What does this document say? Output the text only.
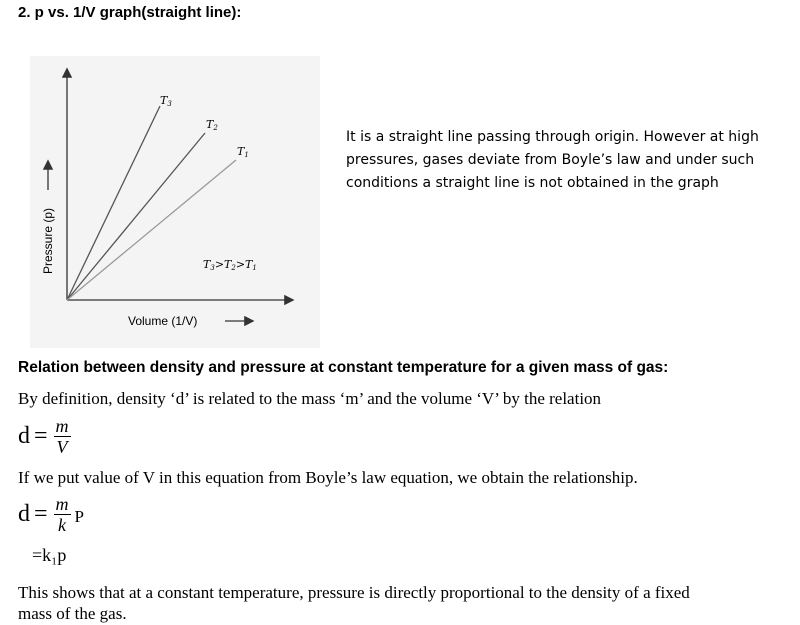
2. p vs. 1/V graph(straight line):
T3
T2
T1
T3>T2>T1
Pressure (p)
Volume (1/V)
It is a straight line passing through origin. However at high pressures, gases deviate from Boyle’s law and under such conditions a straight line is not obtained in the graph
Relation between density and pressure at constant temperature for a given mass of gas:
By definition, density ‘d’ is related to the mass ‘m’ and the volume ‘V’ by the relation
$d = \frac{m}{V}$
If we put value of V in this equation from Boyle’s law equation, we obtain the relationship.
$d = \frac{m}{k}$ P
=k₁p
This shows that at a constant temperature, pressure is directly proportional to the density of a fixed mass of the gas.
